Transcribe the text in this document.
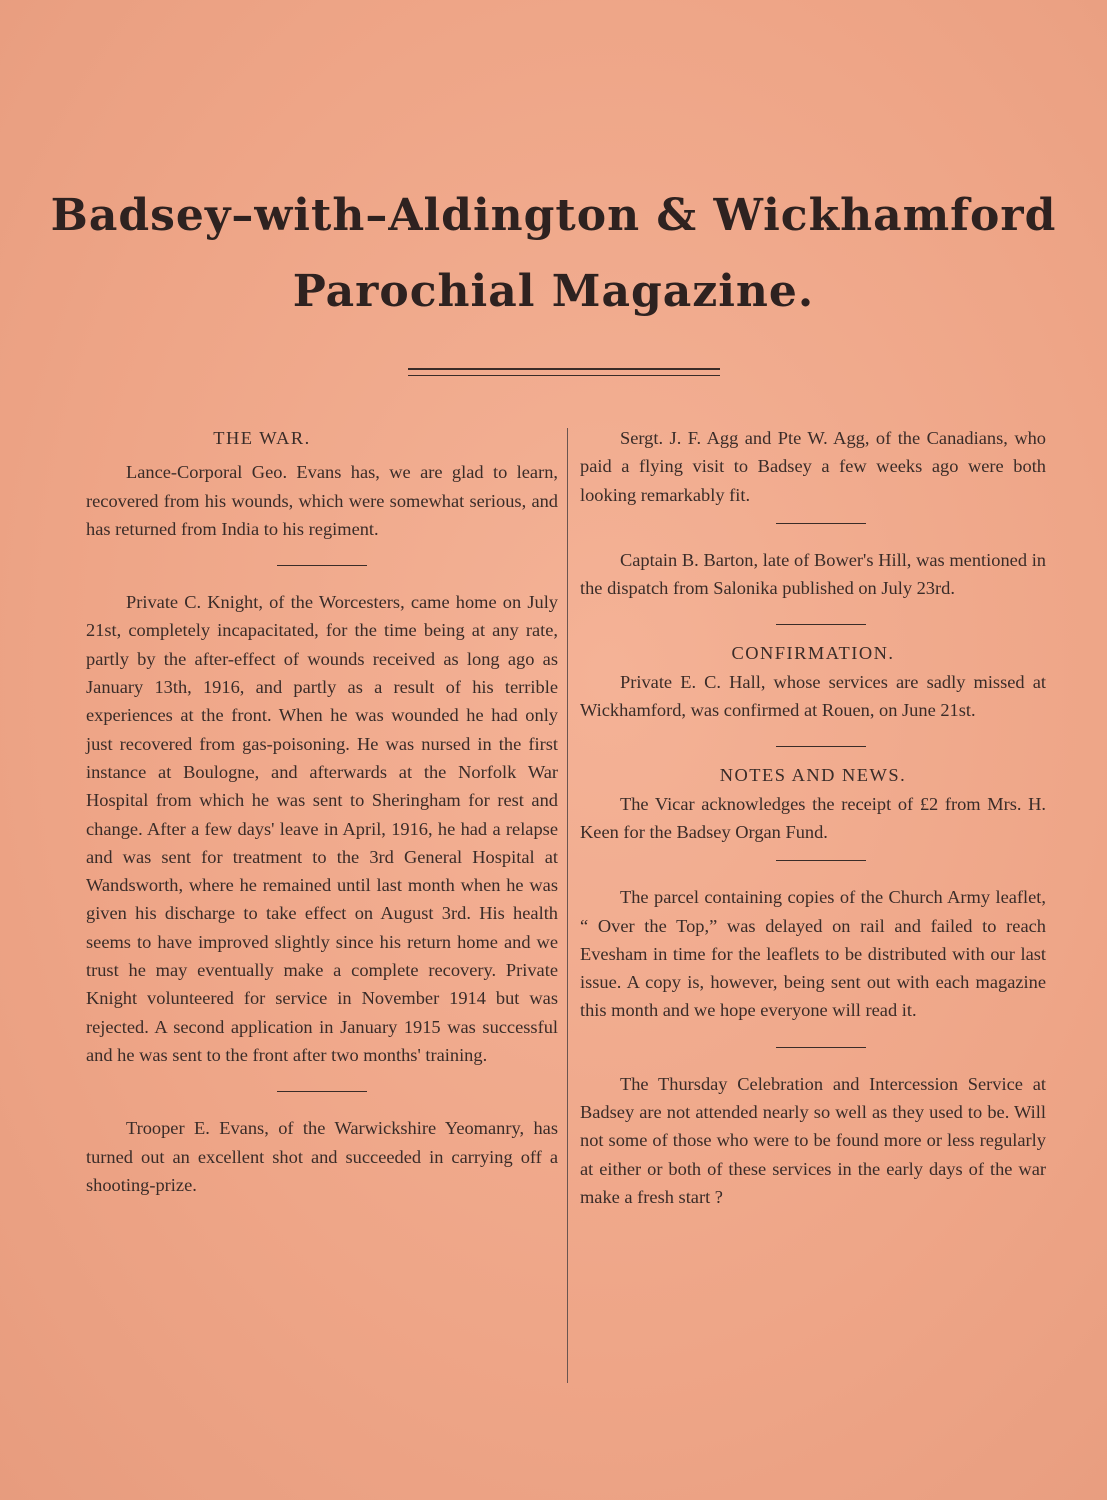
Badsey–with–Aldington & Wickhamford
Parochial Magazine.
THE WAR.

Lance-Corporal Geo. Evans has, we are glad to learn, recovered from his wounds, which were somewhat serious, and has returned from India to his regiment.

Private C. Knight, of the Worcesters, came home on July 21st, completely incapacitated, for the time being at any rate, partly by the after-effect of wounds received as long ago as January 13th, 1916, and partly as a result of his terrible experiences at the front. When he was wounded he had only just recovered from gas-poisoning. He was nursed in the first instance at Boulogne, and afterwards at the Norfolk War Hospital from which he was sent to Sheringham for rest and change. After a few days' leave in April, 1916, he had a relapse and was sent for treatment to the 3rd General Hospital at Wandsworth, where he remained until last month when he was given his discharge to take effect on August 3rd. His health seems to have improved slightly since his return home and we trust he may eventually make a complete recovery. Private Knight volunteered for service in November 1914 but was rejected. A second application in January 1915 was successful and he was sent to the front after two months' training.

Trooper E. Evans, of the Warwickshire Yeomanry, has turned out an excellent shot and succeeded in carrying off a shooting-prize.

Sergt. J. F. Agg and Pte W. Agg, of the Canadians, who paid a flying visit to Badsey a few weeks ago were both looking remarkably fit.

Captain B. Barton, late of Bower's Hill, was mentioned in the dispatch from Salonika published on July 23rd.

CONFIRMATION.

Private E. C. Hall, whose services are sadly missed at Wickhamford, was confirmed at Rouen, on June 21st.

NOTES AND NEWS.

The Vicar acknowledges the receipt of £2 from Mrs. H. Keen for the Badsey Organ Fund.

The parcel containing copies of the Church Army leaflet, “ Over the Top,” was delayed on rail and failed to reach Evesham in time for the leaflets to be distributed with our last issue. A copy is, however, being sent out with each magazine this month and we hope everyone will read it.

The Thursday Celebration and Intercession Service at Badsey are not attended nearly so well as they used to be. Will not some of those who were to be found more or less regularly at either or both of these services in the early days of the war make a fresh start ?
